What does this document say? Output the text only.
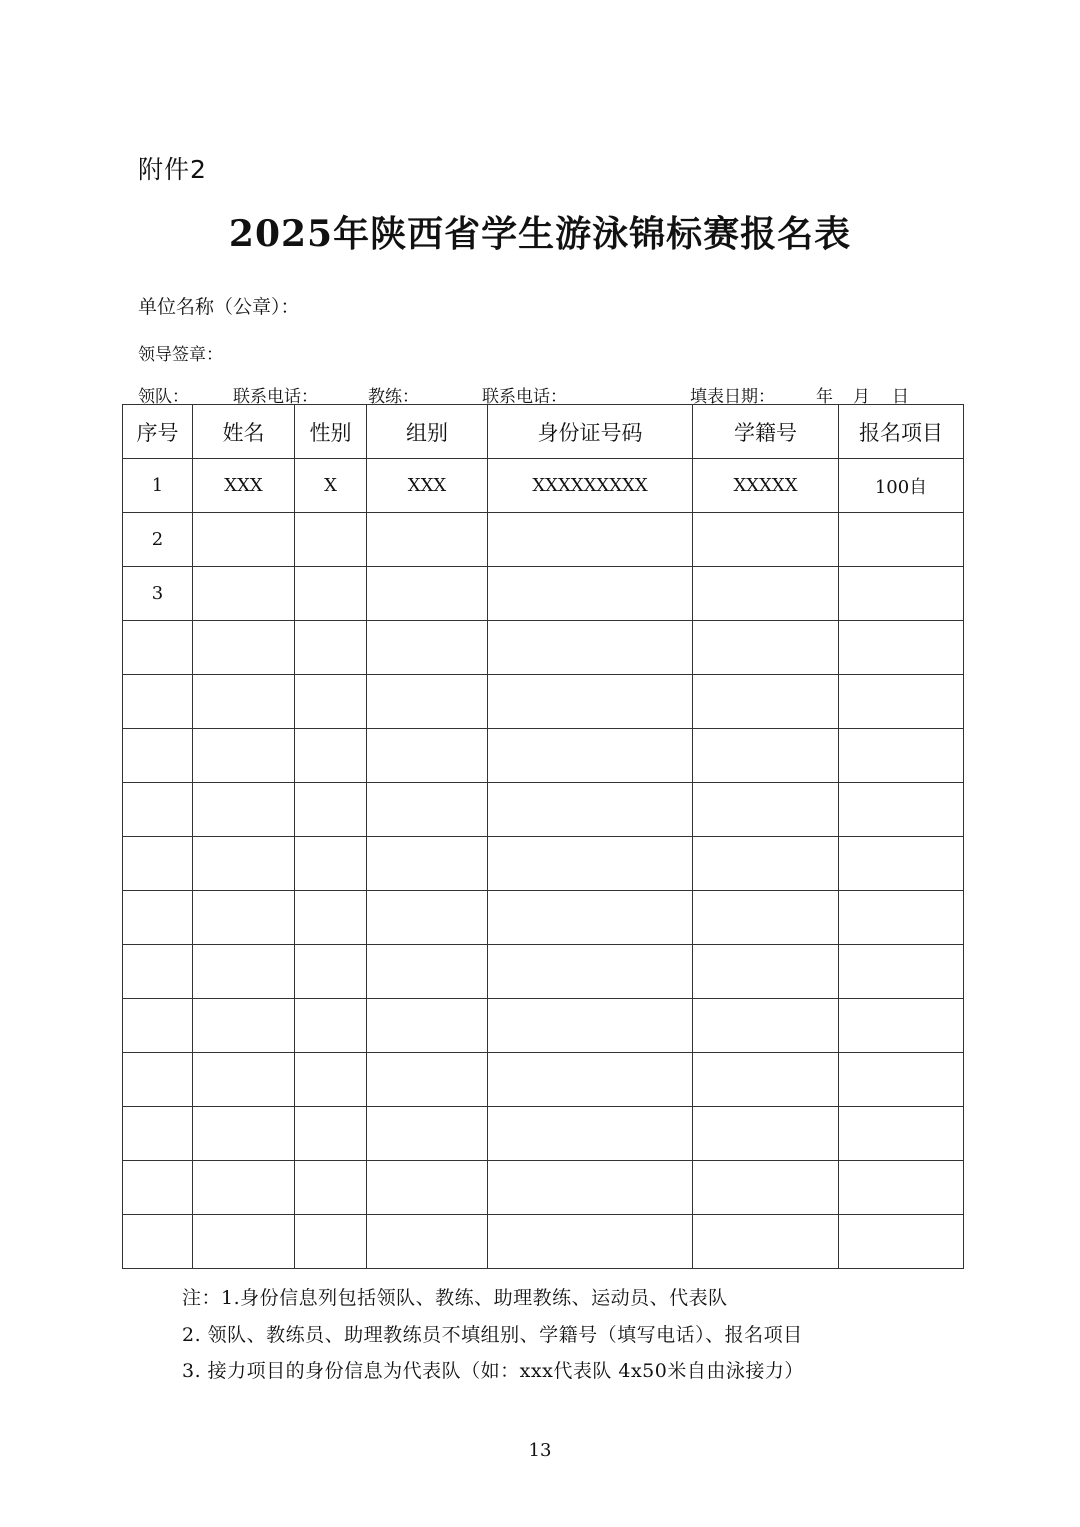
附件2
2025年陕西省学生游泳锦标赛报名表
单位名称（公章）：
领导签章：
领队：	联系电话：	教练：	联系电话：	填表日期： 年 月 日
序号	姓名	性别	组别	身份证号码	学籍号	报名项目
1	XXX	X	XXX	XXXXXXXXX	XXXXX	100自
2						
3						

注：1.身份信息列包括领队、教练、助理教练、运动员、代表队
2. 领队、教练员、助理教练员不填组别、学籍号（填写电话）、报名项目
3. 接力项目的身份信息为代表队（如：xxx代表队 4x50米自由泳接力）
13
